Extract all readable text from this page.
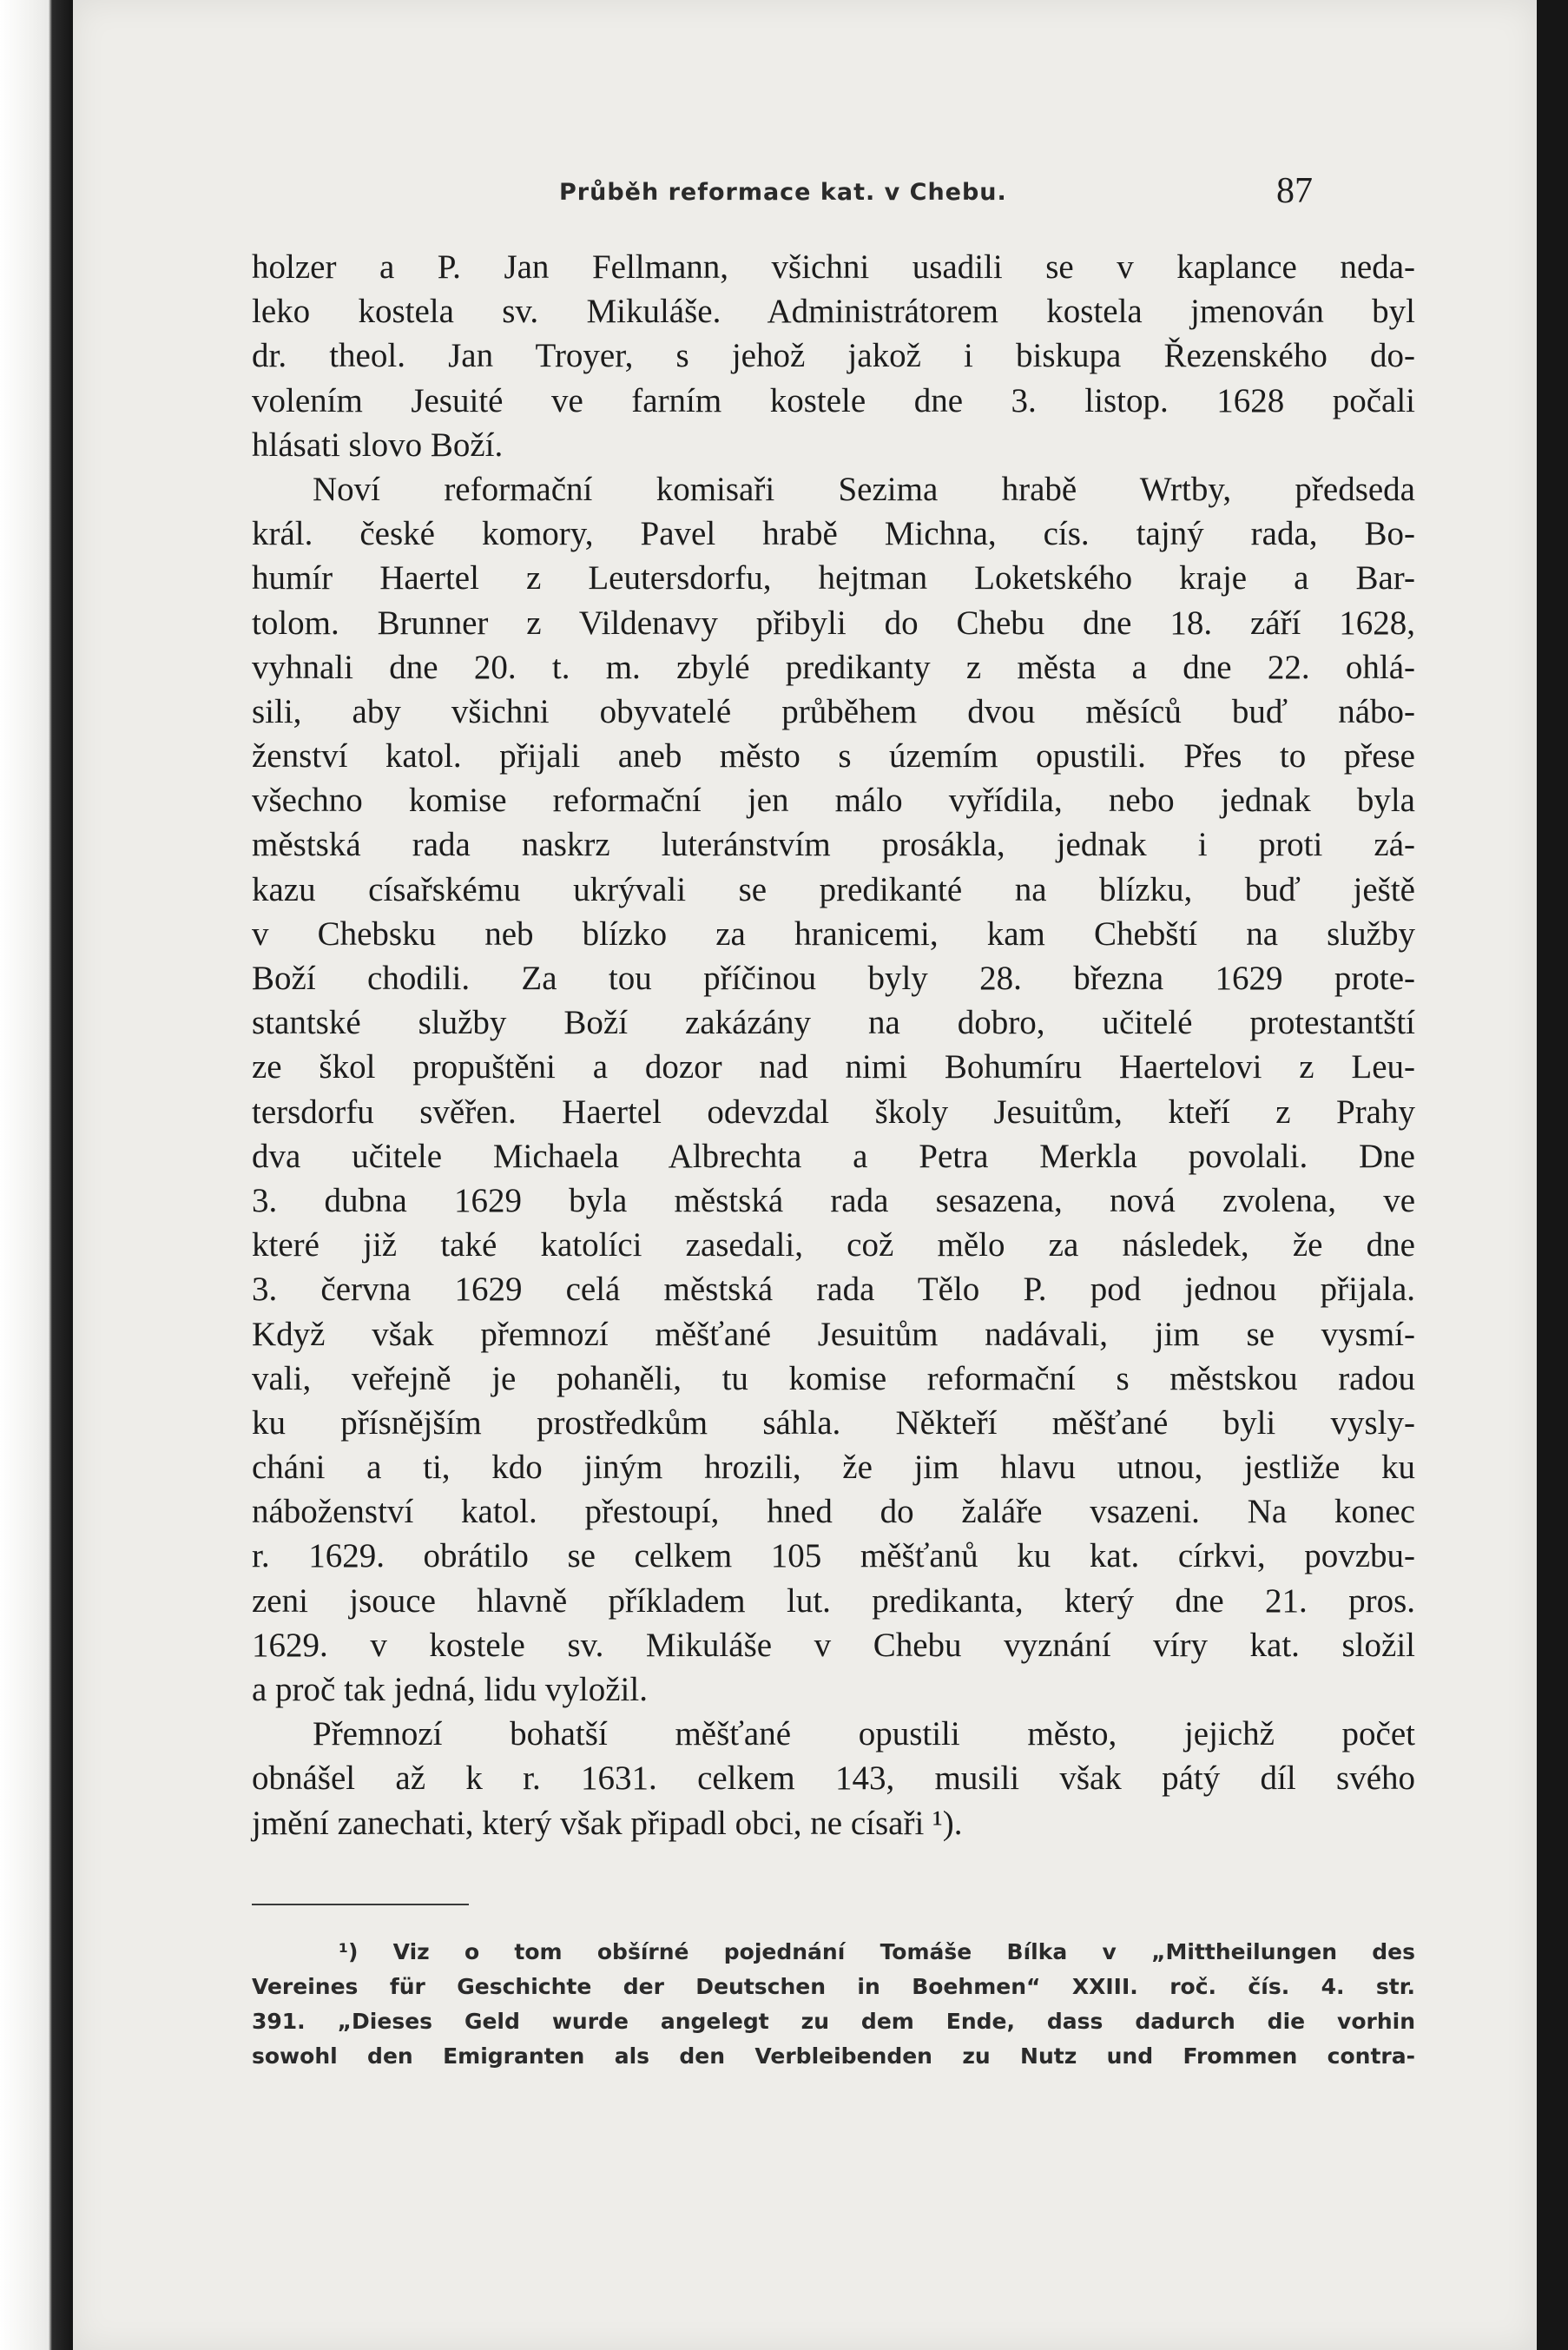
Průběh reformace kat. v Chebu.	87
holzer a P. Jan Fellmann, všichni usadili se v kaplance neda-
leko kostela sv. Mikuláše. Administrátorem kostela jmenován byl
dr. theol. Jan Troyer, s jehož jakož i biskupa Řezenského do-
volením Jesuité ve farním kostele dne 3. listop. 1628 počali
hlásati slovo Boží.
Noví reformační komisaři Sezima hrabě Wrtby, předseda
král. české komory, Pavel hrabě Michna, cís. tajný rada, Bo-
humír Haertel z Leutersdorfu, hejtman Loketského kraje a Bar-
tolom. Brunner z Vildenavy přibyli do Chebu dne 18. září 1628,
vyhnali dne 20. t. m. zbylé predikanty z města a dne 22. ohlá-
sili, aby všichni obyvatelé průběhem dvou měsíců buď nábo-
ženství katol. přijali aneb město s územím opustili. Přes to přese
všechno komise reformační jen málo vyřídila, nebo jednak byla
městská rada naskrz luteránstvím prosákla, jednak i proti zá-
kazu císařskému ukrývali se predikanté na blízku, buď ještě
v Chebsku neb blízko za hranicemi, kam Chebští na služby
Boží chodili. Za tou příčinou byly 28. března 1629 prote-
stantské služby Boží zakázány na dobro, učitelé protestantští
ze škol propuštěni a dozor nad nimi Bohumíru Haertelovi z Leu-
tersdorfu svěřen. Haertel odevzdal školy Jesuitům, kteří z Prahy
dva učitele Michaela Albrechta a Petra Merkla povolali. Dne
3. dubna 1629 byla městská rada sesazena, nová zvolena, ve
které již také katolíci zasedali, což mělo za následek, že dne
3. června 1629 celá městská rada Tělo P. pod jednou přijala.
Když však přemnozí měšťané Jesuitům nadávali, jim se vysmí-
vali, veřejně je pohaněli, tu komise reformační s městskou radou
ku přísnějším prostředkům sáhla. Někteří měšťané byli vysly-
cháni a ti, kdo jiným hrozili, že jim hlavu utnou, jestliže ku
náboženství katol. přestoupí, hned do žaláře vsazeni. Na konec
r. 1629. obrátilo se celkem 105 měšťanů ku kat. církvi, povzbu-
zeni jsouce hlavně příkladem lut. predikanta, který dne 21. pros.
1629. v kostele sv. Mikuláše v Chebu vyznání víry kat. složil
a proč tak jedná, lidu vyložil.
Přemnozí bohatší měšťané opustili město, jejichž počet
obnášel až k r. 1631. celkem 143, musili však pátý díl svého
jmění zanechati, který však připadl obci, ne císaři ¹).
¹) Viz o tom obšírné pojednání Tomáše Bílka v „Mittheilungen des
Vereines für Geschichte der Deutschen in Boehmen“ XXIII. roč. čís. 4. str.
391. „Dieses Geld wurde angelegt zu dem Ende, dass dadurch die vorhin
sowohl den Emigranten als den Verbleibenden zu Nutz und Frommen contra-
